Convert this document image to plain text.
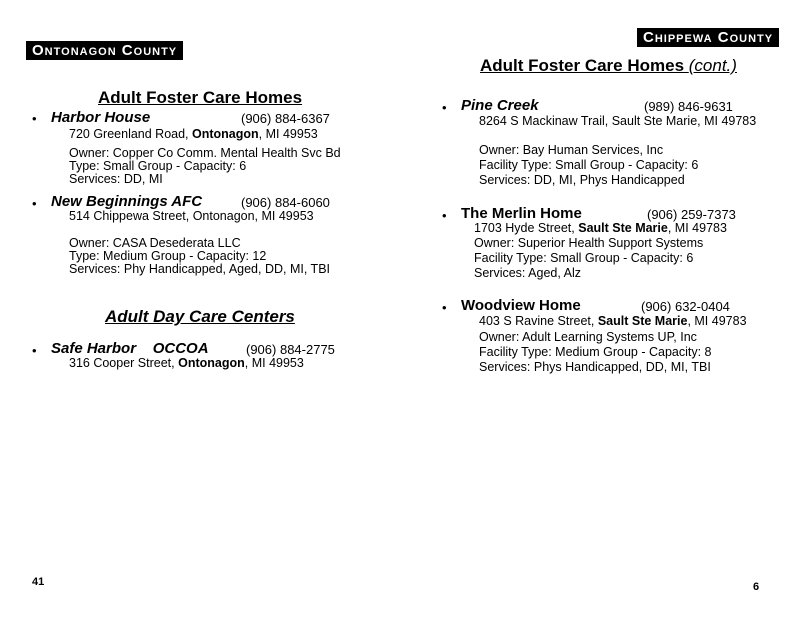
Ontonagon County
Adult Foster Care Homes
• Harbor House	(906) 884-6367
720 Greenland Road, Ontonagon, MI 49953
Owner: Copper Co Comm. Mental Health Svc Bd
Type: Small Group - Capacity: 6
Services: DD, MI
• New Beginnings AFC	(906) 884-6060
514 Chippewa Street, Ontonagon, MI 49953
Owner: CASA Desederata LLC
Type: Medium Group - Capacity: 12
Services: Phy Handicapped, Aged, DD, MI, TBI
Adult Day Care Centers
• Safe Harbor    OCCOA	(906) 884-2775
316 Cooper Street, Ontonagon, MI 49953
41
Chippewa County
Adult Foster Care Homes (cont.)
• Pine Creek	(989) 846-9631
8264 S Mackinaw Trail, Sault Ste Marie, MI 49783
Owner: Bay Human Services, Inc
Facility Type: Small Group - Capacity: 6
Services: DD, MI, Phys Handicapped
• The Merlin Home	(906) 259-7373
1703 Hyde Street, Sault Ste Marie, MI 49783
Owner: Superior Health Support Systems
Facility Type: Small Group - Capacity: 6
Services: Aged, Alz
• Woodview Home	(906) 632-0404
403 S Ravine Street, Sault Ste Marie, MI 49783
Owner: Adult Learning Systems UP, Inc
Facility Type: Medium Group - Capacity: 8
Services: Phys Handicapped, DD, MI, TBI
6
